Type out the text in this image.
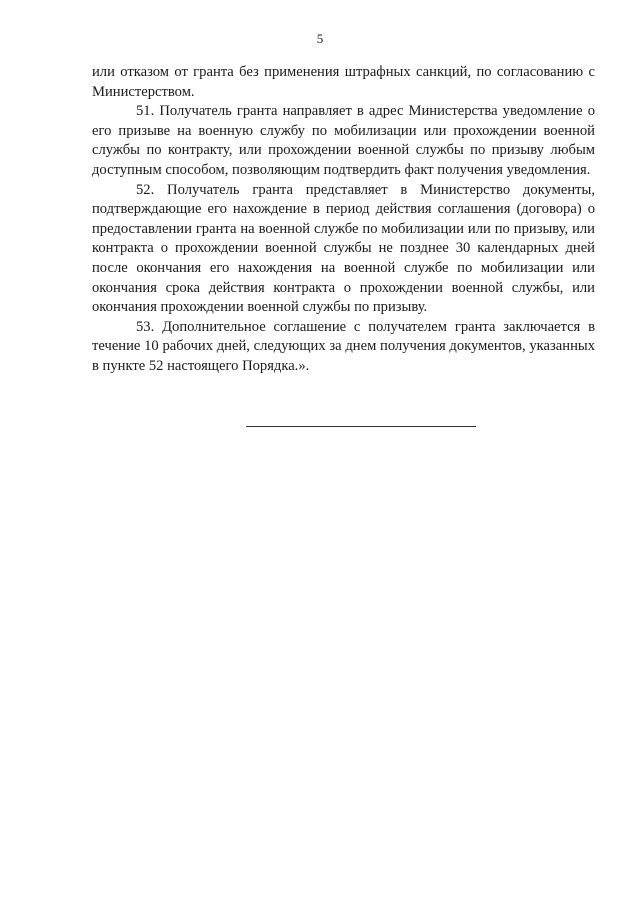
5

или отказом от гранта без применения штрафных санкций, по согласованию с Министерством.

51. Получатель гранта направляет в адрес Министерства уведомление о его призыве на военную службу по мобилизации или прохождении военной службы по контракту, или прохождении военной службы по призыву любым доступным способом, позволяющим подтвердить факт получения уведомления.

52. Получатель гранта представляет в Министерство документы, подтверждающие его нахождение в период действия соглашения (договора) о предоставлении гранта на военной службе по мобилизации или по призыву, или контракта о прохождении военной службы не позднее 30 календарных дней после окончания его нахождения на военной службе по мобилизации или окончания срока действия контракта о прохождении военной службы, или окончания прохождении военной службы по призыву.

53. Дополнительное соглашение с получателем гранта заключается в течение 10 рабочих дней, следующих за днем получения документов, указанных в пункте 52 настоящего Порядка.».
